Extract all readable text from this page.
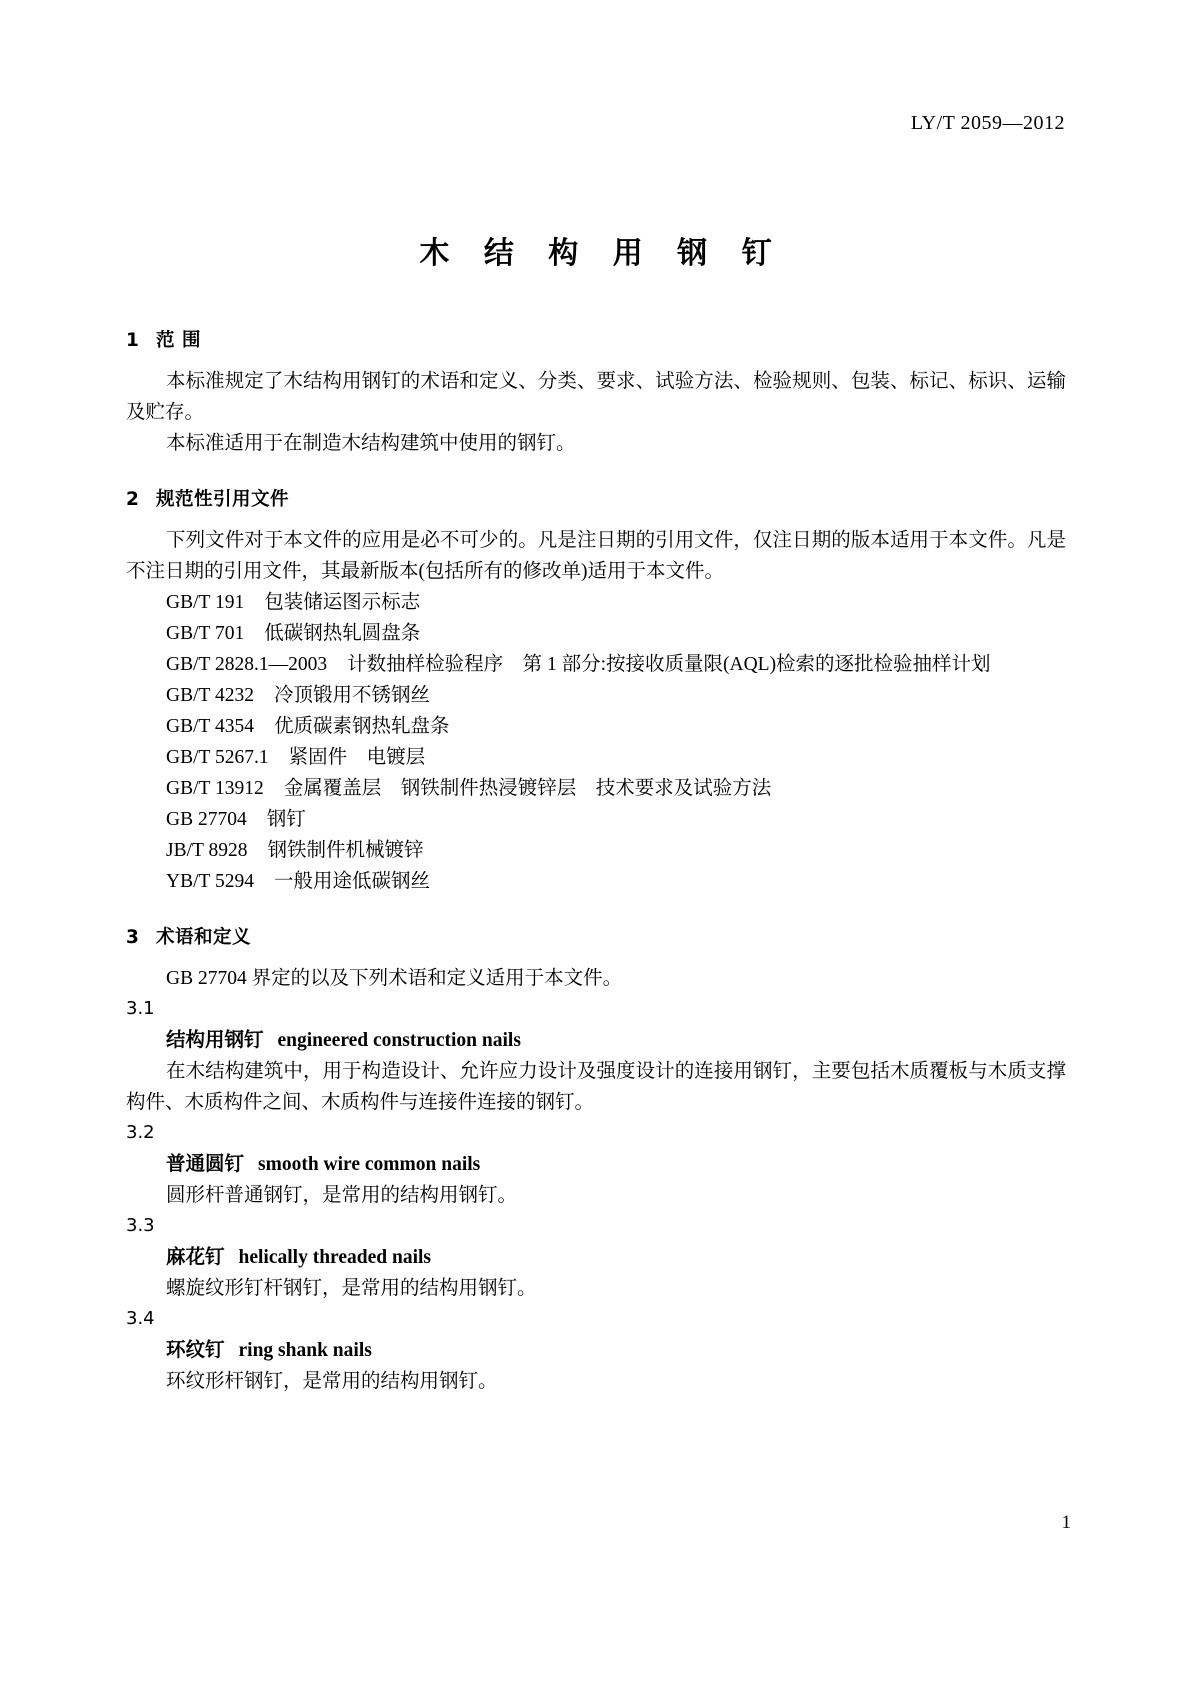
LY/T 2059—2012
木 结 构 用 钢 钉
1 范 围

本标准规定了木结构用钢钉的术语和定义、分类、要求、试验方法、检验规则、包装、标记、标识、运输及贮存。

本标准适用于在制造木结构建筑中使用的钢钉。

2 规范性引用文件

下列文件对于本文件的应用是必不可少的。凡是注日期的引用文件，仅注日期的版本适用于本文件。凡是不注日期的引用文件，其最新版本(包括所有的修改单)适用于本文件。

GB/T 191 包装储运图示标志

GB/T 701 低碳钢热轧圆盘条

GB/T 2828.1—2003 计数抽样检验程序　第 1 部分:按接收质量限(AQL)检索的逐批检验抽样计划

GB/T 4232 冷顶锻用不锈钢丝

GB/T 4354 优质碳素钢热轧盘条

GB/T 5267.1 紧固件　电镀层

GB/T 13912 金属覆盖层　钢铁制件热浸镀锌层　技术要求及试验方法

GB 27704 钢钉

JB/T 8928 钢铁制件机械镀锌

YB/T 5294 一般用途低碳钢丝

3 术语和定义

GB 27704 界定的以及下列术语和定义适用于本文件。

3.1

结构用钢钉 engineered construction nails

在木结构建筑中，用于构造设计、允许应力设计及强度设计的连接用钢钉，主要包括木质覆板与木质支撑构件、木质构件之间、木质构件与连接件连接的钢钉。

3.2

普通圆钉 smooth wire common nails

圆形杆普通钢钉，是常用的结构用钢钉。

3.3

麻花钉 helically threaded nails

螺旋纹形钉杆钢钉，是常用的结构用钢钉。

3.4

环纹钉 ring shank nails

环纹形杆钢钉，是常用的结构用钢钉。

1
